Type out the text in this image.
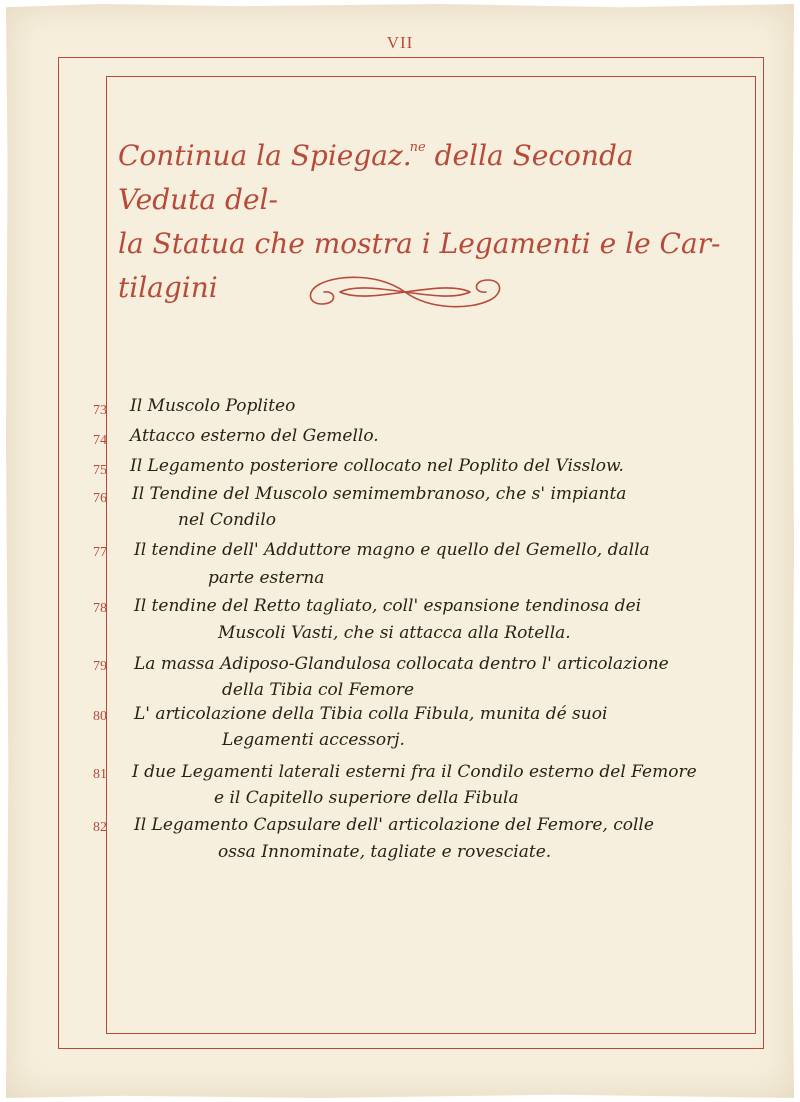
VII
Continua la Spiegaz.$^{ne}$ della Seconda Veduta del-
la Statua che mostra i Legamenti e le Car-
tilagini
73	Il Muscolo Popliteo
74	Attacco esterno del Gemello.
75	Il Legamento posteriore collocato nel Poplito del Visslow.
76	Il Tendine del Muscolo semimembranoso, che s' impianta
nel Condilo
77	Il tendine dell' Adduttore magno e quello del Gemello, dalla
parte esterna
78	Il tendine del Retto tagliato, coll' espansione tendinosa dei
Muscoli Vasti, che si attacca alla Rotella.
79	La massa Adiposo-Glandulosa collocata dentro l' articolazione
della Tibia col Femore
80	L' articolazione della Tibia colla Fibula, munita dé suoi
Legamenti accessorj.
81	I due Legamenti laterali esterni fra il Condilo esterno del Femore
e il Capitello superiore della Fibula
82	Il Legamento Capsulare dell' articolazione del Femore, colle
ossa Innominate, tagliate e rovesciate.
